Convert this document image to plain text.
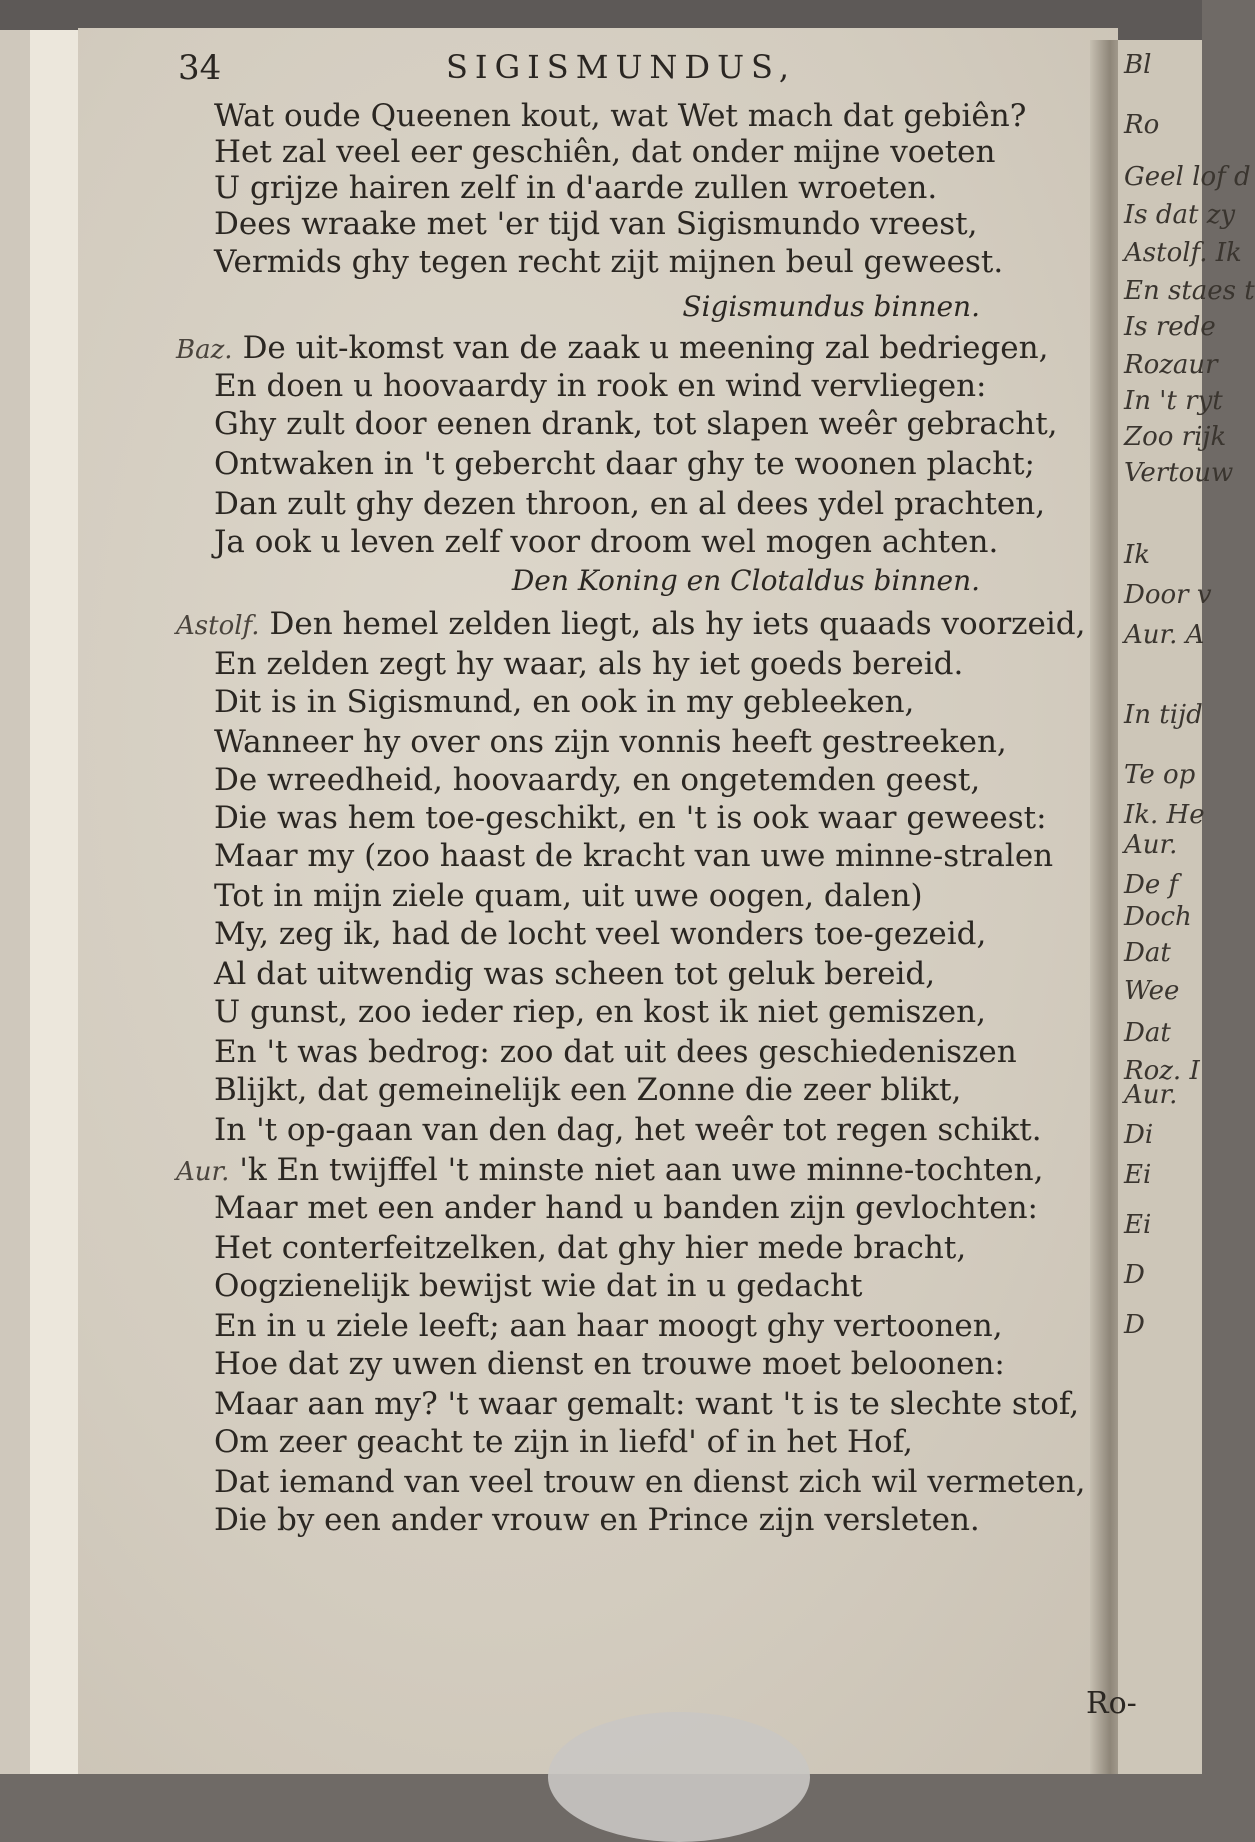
Bl
Ro
Geel lof d
Is dat zy
Astolf. Ik
En staes t
Is rede
Rozaur
In 't ryt
Zoo rijk
Vertouw
Ik
Door v
Aur. A
In tijd
Te op
Ik. He
Aur.
De f
Doch
Dat
Wee
Dat
Roz. I
Aur.
Di
Ei
Ei
D
D
34	SIGISMUNDUS,
Wat oude Queenen kout, wat Wet mach dat gebiên?
Het zal veel eer geschiên, dat onder mijne voeten
U grijze hairen zelf in d'aarde zullen wroeten.
Dees wraake met 'er tijd van Sigismundo vreest,
Vermids ghy tegen recht zijt mijnen beul geweest.
Sigismundus binnen.
Baz. De uit-komst van de zaak u meening zal bedriegen,
En doen u hoovaardy in rook en wind vervliegen:
Ghy zult door eenen drank, tot slapen weêr gebracht,
Ontwaken in 't gebercht daar ghy te woonen placht;
Dan zult ghy dezen throon, en al dees ydel prachten,
Ja ook u leven zelf voor droom wel mogen achten.
Den Koning en Clotaldus binnen.
Astolf. Den hemel zelden liegt, als hy iets quaads voorzeid,
En zelden zegt hy waar, als hy iet goeds bereid.
Dit is in Sigismund, en ook in my gebleeken,
Wanneer hy over ons zijn vonnis heeft gestreeken,
De wreedheid, hoovaardy, en ongetemden geest,
Die was hem toe-geschikt, en 't is ook waar geweest:
Maar my (zoo haast de kracht van uwe minne-stralen
Tot in mijn ziele quam, uit uwe oogen, dalen)
My, zeg ik, had de locht veel wonders toe-gezeid,
Al dat uitwendig was scheen tot geluk bereid,
U gunst, zoo ieder riep, en kost ik niet gemiszen,
En 't was bedrog: zoo dat uit dees geschiedeniszen
Blijkt, dat gemeinelijk een Zonne die zeer blikt,
In 't op-gaan van den dag, het weêr tot regen schikt.
Aur. 'k En twijffel 't minste niet aan uwe minne-tochten,
Maar met een ander hand u banden zijn gevlochten:
Het conterfeitzelken, dat ghy hier mede bracht,
Oogzienelijk bewijst wie dat in u gedacht
En in u ziele leeft; aan haar moogt ghy vertoonen,
Hoe dat zy uwen dienst en trouwe moet beloonen:
Maar aan my? 't waar gemalt: want 't is te slechte stof,
Om zeer geacht te zijn in liefd' of in het Hof,
Dat iemand van veel trouw en dienst zich wil vermeten,
Die by een ander vrouw en Prince zijn versleten.
Ro-
